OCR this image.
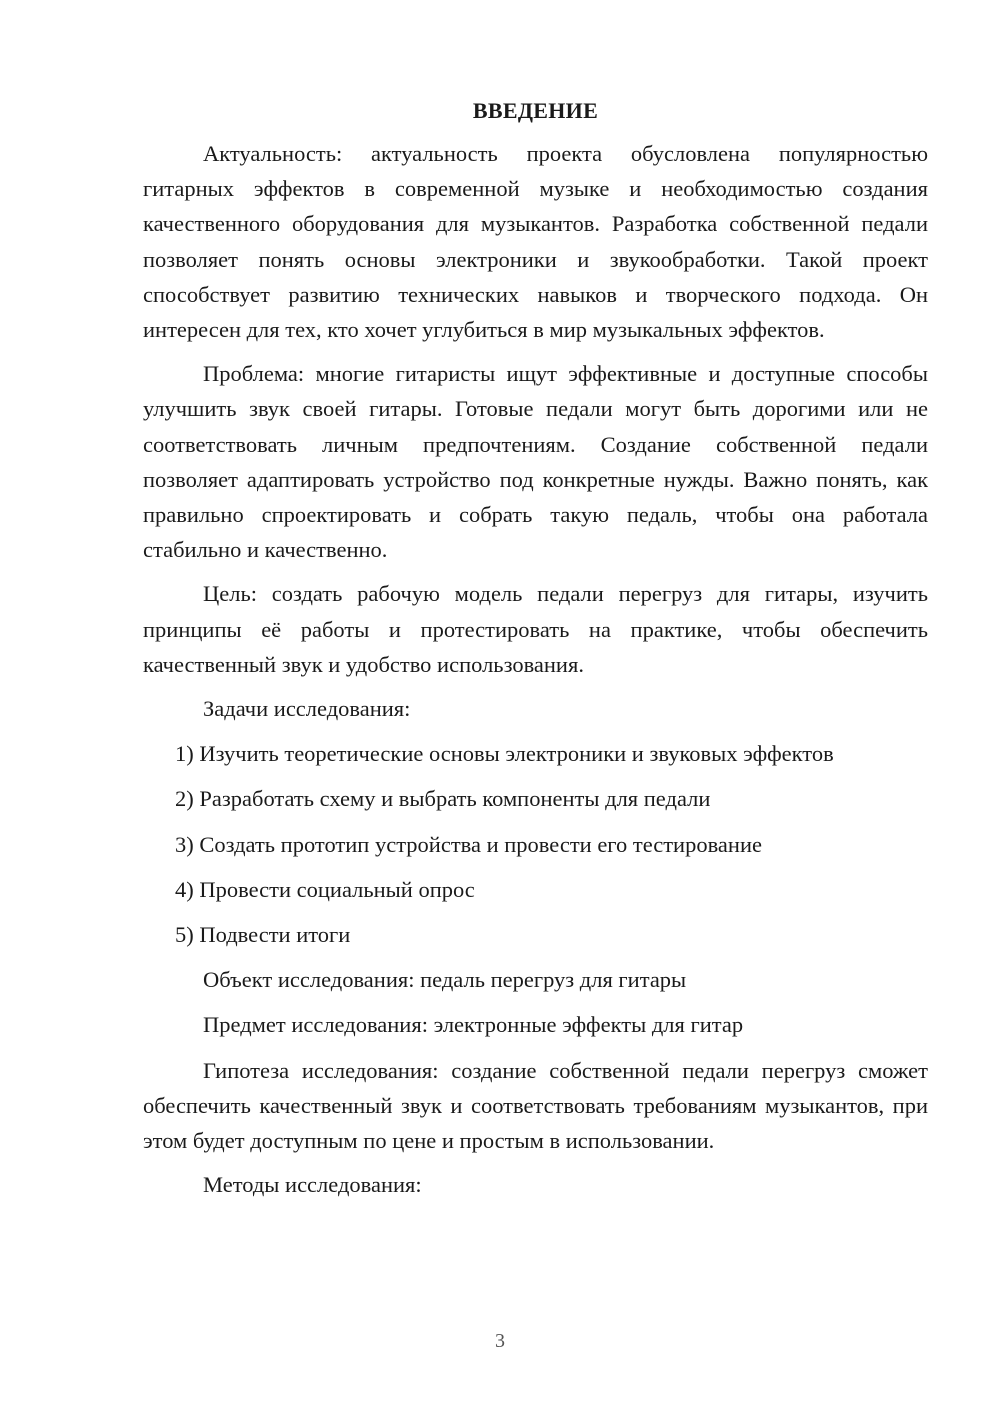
ВВЕДЕНИЕ

Актуальность: актуальность проекта обусловлена популярностью гитарных эффектов в современной музыке и необходимостью создания качественного оборудования для музыкантов. Разработка собственной педали позволяет понять основы электроники и звукообработки. Такой проект способствует развитию технических навыков и творческого подхода. Он интересен для тех, кто хочет углубиться в мир музыкальных эффектов.

Проблема: многие гитаристы ищут эффективные и доступные способы улучшить звук своей гитары. Готовые педали могут быть дорогими или не соответствовать личным предпочтениям. Создание собственной педали позволяет адаптировать устройство под конкретные нужды. Важно понять, как правильно спроектировать и собрать такую педаль, чтобы она работала стабильно и качественно.

Цель: создать рабочую модель педали перегруз для гитары, изучить принципы её работы и протестировать на практике, чтобы обеспечить качественный звук и удобство использования.

Задачи исследования:

1) Изучить теоретические основы электроники и звуковых эффектов

2) Разработать схему и выбрать компоненты для педали

3) Создать прототип устройства и провести его тестирование

4) Провести социальный опрос

5) Подвести итоги

Объект исследования: педаль перегруз для гитары

Предмет исследования: электронные эффекты для гитар

Гипотеза исследования: создание собственной педали перегруз сможет обеспечить качественный звук и соответствовать требованиям музыкантов, при этом будет доступным по цене и простым в использовании.

Методы исследования:

3
